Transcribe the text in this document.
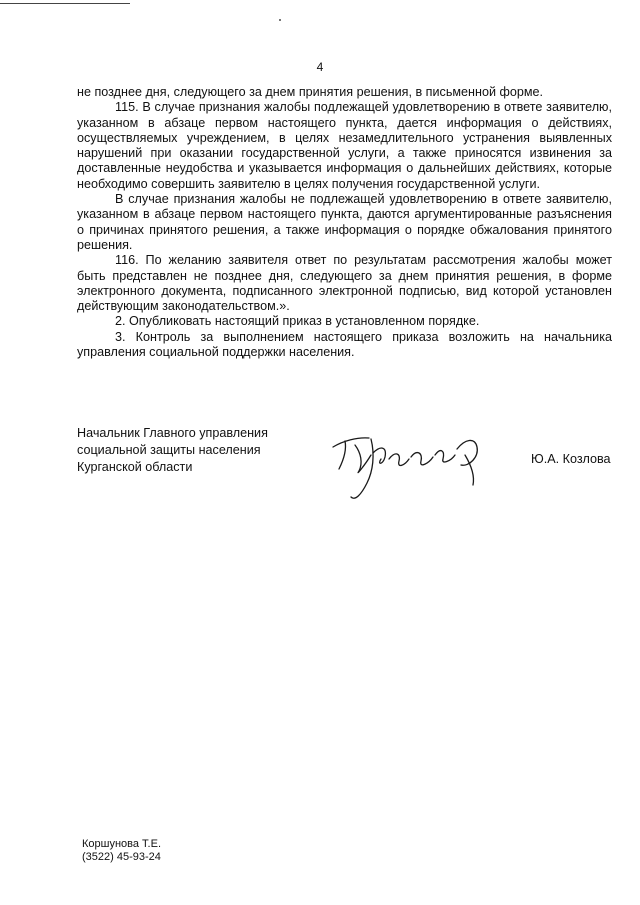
4

не позднее дня, следующего за днем принятия решения, в письменной форме.

115. В случае признания жалобы подлежащей удовлетворению в ответе заявителю, указанном в абзаце первом настоящего пункта, дается информация о действиях, осуществляемых учреждением, в целях незамедлительного устранения выявленных нарушений при оказании государственной услуги, а также приносятся извинения за доставленные неудобства и указывается информация о дальнейших действиях, которые необходимо совершить заявителю в целях получения государственной услуги.

В случае признания жалобы не подлежащей удовлетворению в ответе заявителю, указанном в абзаце первом настоящего пункта, даются аргументированные разъяснения о причинах принятого решения, а также информация о порядке обжалования принятого решения.

116. По желанию заявителя ответ по результатам рассмотрения жалобы может быть представлен не позднее дня, следующего за днем принятия решения, в форме электронного документа, подписанного электронной подписью, вид которой установлен действующим законодательством.».

2. Опубликовать настоящий приказ в установленном порядке.

3. Контроль за выполнением настоящего приказа возложить на начальника управления социальной поддержки населения.

Начальник Главного управления
социальной защиты населения
Курганской области
Ю.А. Козлова
Коршунова Т.Е.
(3522) 45-93-24
